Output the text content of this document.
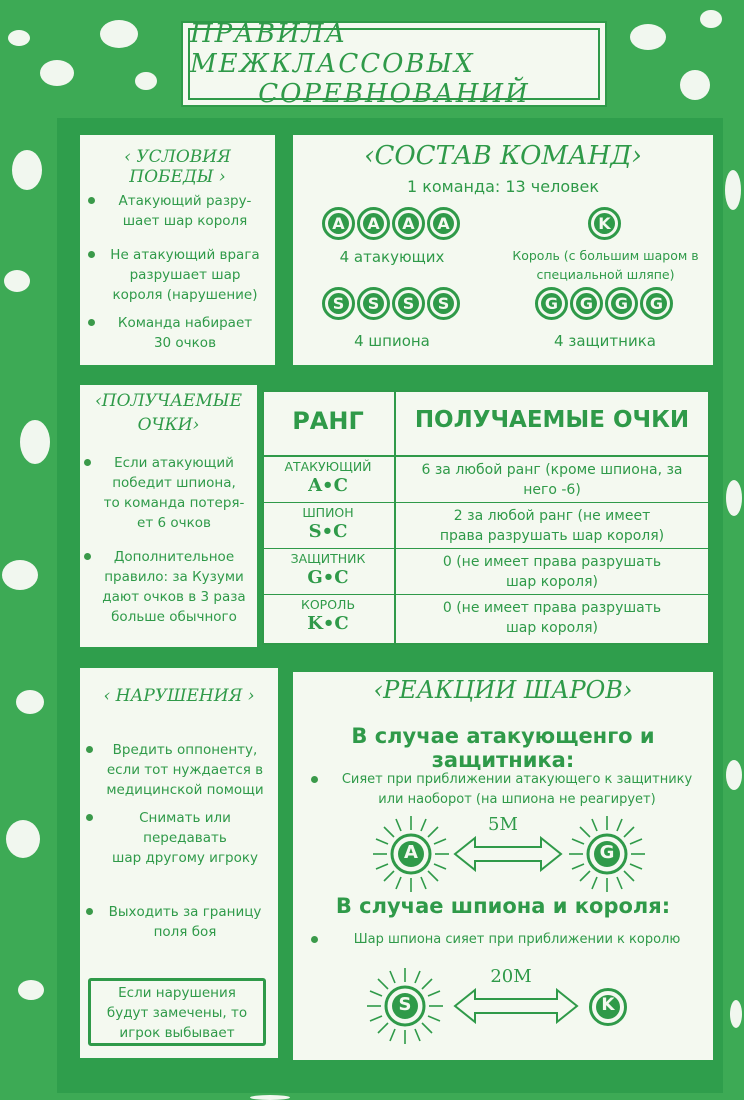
ПРАВИЛА МЕЖКЛАССОВЫХ
СОРЕВНОВАНИЙ
‹ УСЛОВИЯ ПОБЕДЫ ›
Атакующий разру-
шает шар короля
Не атакующий врага
разрушает шар
короля (нарушение)
Команда набирает
30 очков
‹СОСТАВ КОМАНД›
1 команда: 13 человек
A A A A
4 атакующих
K
Король (с большим шаром в
специальной шляпе)
S S S S
4 шпиона
G G G G
4 защитника
‹ПОЛУЧАЕМЫЕ
ОЧКИ›
Если атакующий
победит шпиона,
то команда потеря-
ет 6 очков
Дополнительное
правило: за Кузуми
дают очков в 3 раза
больше обычного
РАНГ	ПОЛУЧАЕМЫЕ ОЧКИ
АТАКУЮЩИЙ
A•C
6 за любой ранг (кроме шпиона, за
него -6)
ШПИОН
S•C
2 за любой ранг (не имеет
права разрушать шар короля)
ЗАЩИТНИК
G•C
0 (не имеет права разрушать
шар короля)
КОРОЛЬ
K•C
0 (не имеет права разрушать
шар короля)
‹ НАРУШЕНИЯ ›
Вредить оппоненту,
если тот нуждается в
медицинской помощи
Снимать или передавать
шар другому игроку
Выходить за границу
поля боя
Если нарушения
будут замечены, то
игрок выбывает
‹РЕАКЦИИ ШАРОВ›
В случае атакующенго и защитника:
Сияет при приближении атакующего к защитнику
или наоборот (на шпиона не реагирует)
A
5M
G
В случае шпиона и короля:
Шар шпиона сияет при приближении к королю
S
20M
K
